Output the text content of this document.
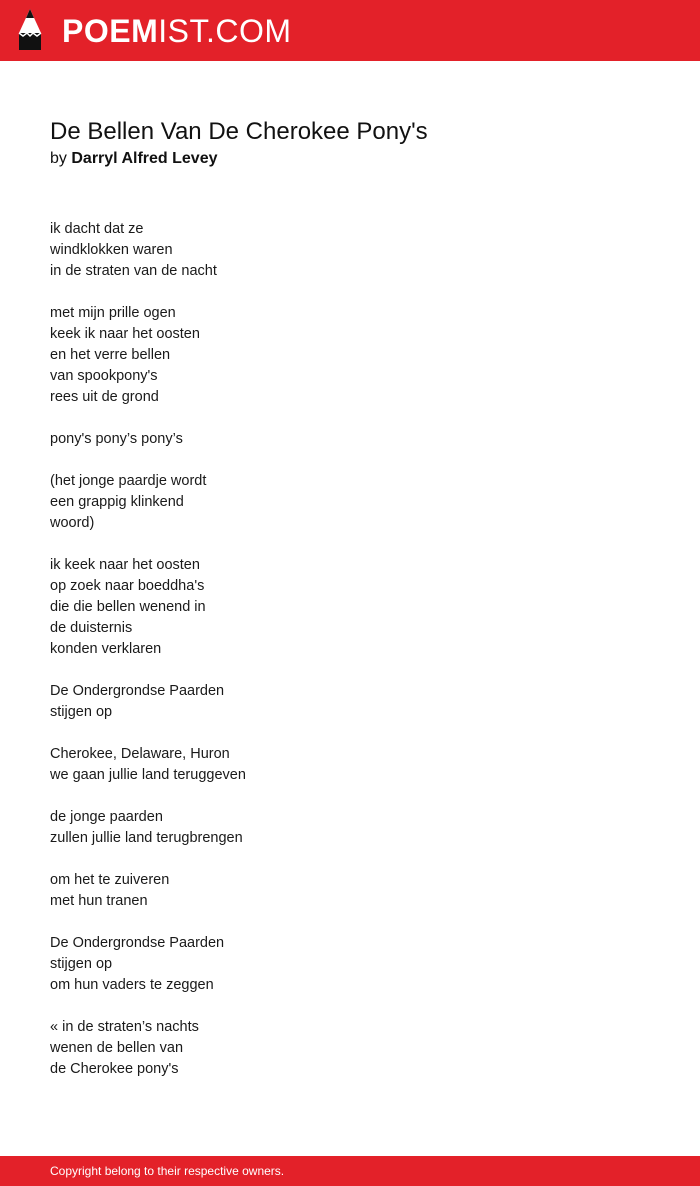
POEMIST.COM
De Bellen Van De Cherokee Pony's
by Darryl Alfred Levey
ik dacht dat ze
windklokken waren
in de straten van de nacht
met mijn prille ogen
keek ik naar het oosten
en het verre bellen
van spookpony's
rees uit de grond
pony's pony’s pony’s
(het jonge paardje wordt
een grappig klinkend
woord)
ik keek naar het oosten
op zoek naar boeddha's
die die bellen wenend in
de duisternis
konden verklaren
De Ondergrondse Paarden
stijgen op
Cherokee, Delaware, Huron
we gaan jullie land teruggeven
de jonge paarden
zullen jullie land terugbrengen
om het te zuiveren
met hun tranen
De Ondergrondse Paarden
stijgen op
om hun vaders te zeggen
« in de straten’s nachts
wenen de bellen van
de Cherokee pony's
Copyright belong to their respective owners.
